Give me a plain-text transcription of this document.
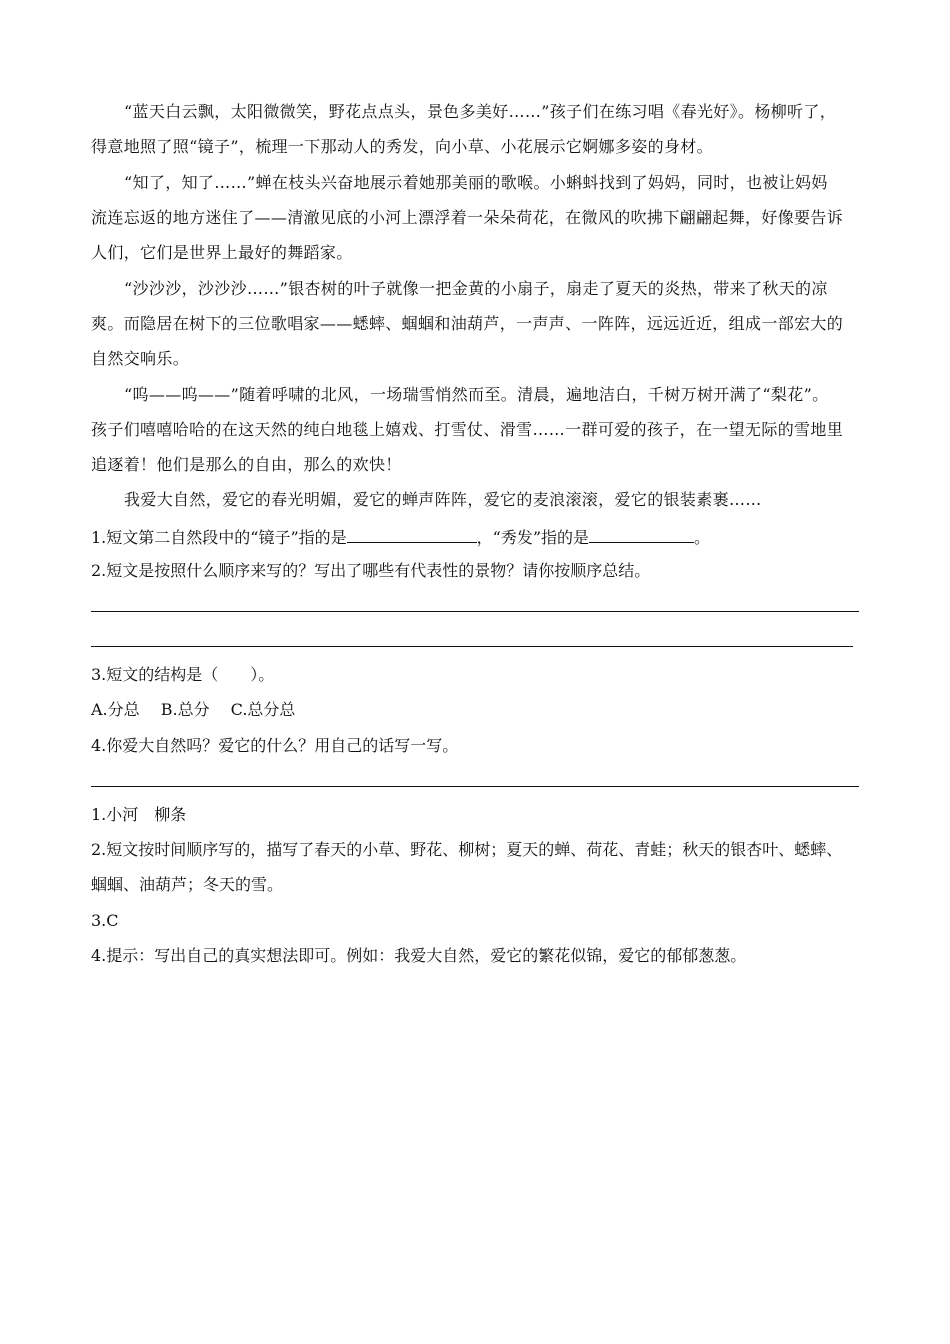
“蓝天白云飘，太阳微微笑，野花点点头，景色多美好……”孩子们在练习唱《春光好》。杨柳听了，
得意地照了照“镜子”，梳理一下那动人的秀发，向小草、小花展示它婀娜多姿的身材。
“知了，知了……”蝉在枝头兴奋地展示着她那美丽的歌喉。小蝌蚪找到了妈妈，同时，也被让妈妈
流连忘返的地方迷住了——清澈见底的小河上漂浮着一朵朵荷花，在微风的吹拂下翩翩起舞，好像要告诉
人们，它们是世界上最好的舞蹈家。
“沙沙沙，沙沙沙……”银杏树的叶子就像一把金黄的小扇子，扇走了夏天的炎热，带来了秋天的凉
爽。而隐居在树下的三位歌唱家——蟋蟀、蝈蝈和油葫芦，一声声、一阵阵，远远近近，组成一部宏大的
自然交响乐。
“呜——呜——”随着呼啸的北风，一场瑞雪悄然而至。清晨，遍地洁白，千树万树开满了“梨花”。
孩子们嘻嘻哈哈的在这天然的纯白地毯上嬉戏、打雪仗、滑雪……一群可爱的孩子，在一望无际的雪地里
追逐着！他们是那么的自由，那么的欢快！
我爱大自然，爱它的春光明媚，爱它的蝉声阵阵，爱它的麦浪滚滚，爱它的银装素裹……
1.短文第二自然段中的“镜子”指的是	，“秀发”指的是	。
2.短文是按照什么顺序来写的？写出了哪些有代表性的景物？请你按顺序总结。
3.短文的结构是（　　）。
A.分总　 B.总分　 C.总分总
4.你爱大自然吗？爱它的什么？用自己的话写一写。
1.小河　柳条
2.短文按时间顺序写的，描写了春天的小草、野花、柳树；夏天的蝉、荷花、青蛙；秋天的银杏叶、蟋蟀、
蝈蝈、油葫芦；冬天的雪。
3.C
4.提示：写出自己的真实想法即可。例如：我爱大自然，爱它的繁花似锦，爱它的郁郁葱葱。
